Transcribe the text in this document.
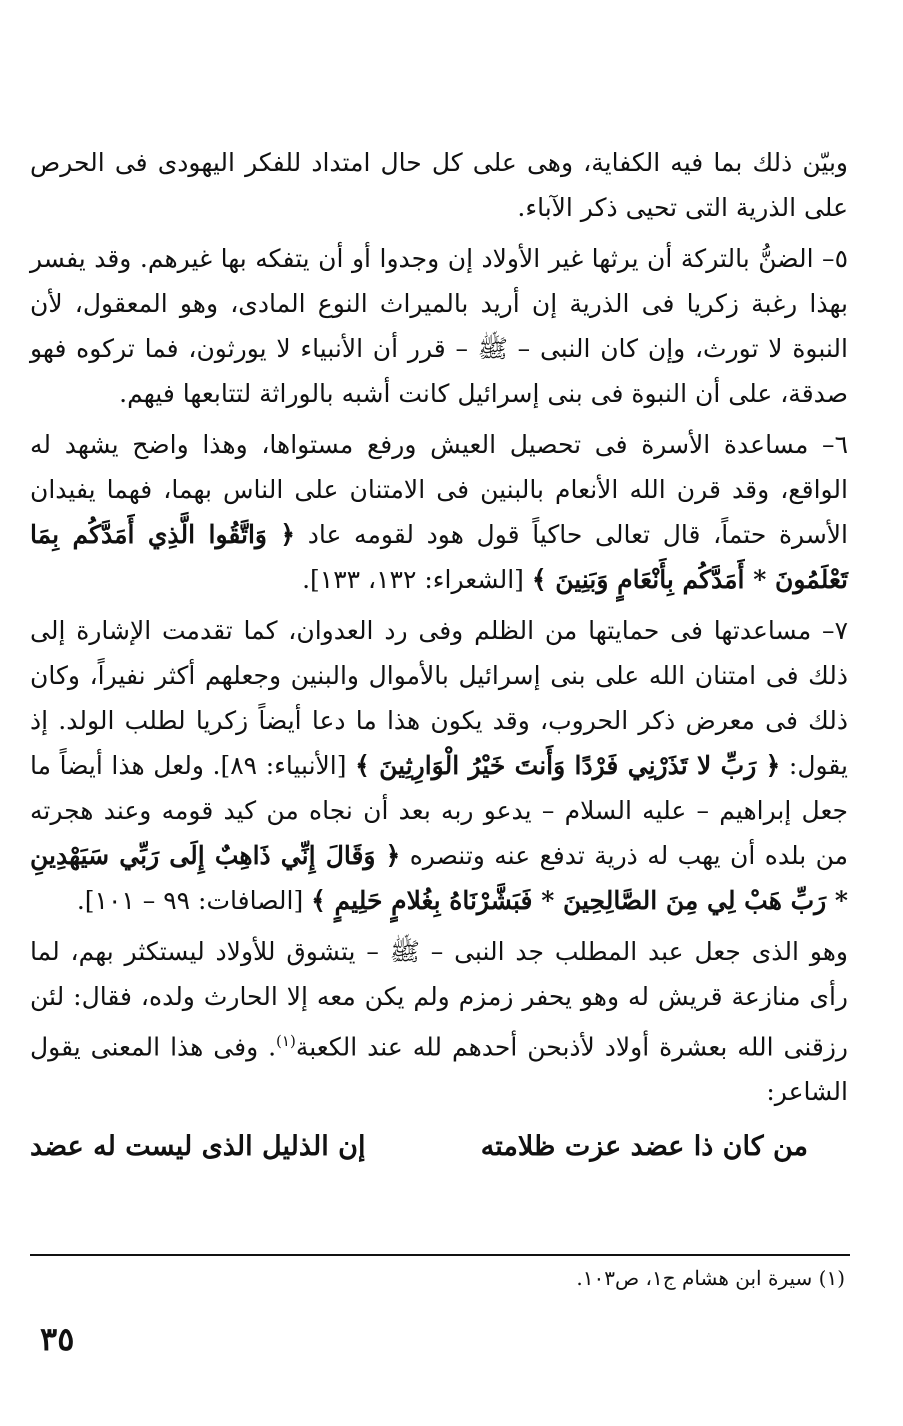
وبيّن ذلك بما فيه الكفاية، وهى على كل حال امتداد للفكر اليهودى فى الحرص على الذرية التى تحيى ذكر الآباء.

٥– الضنُّ بالتركة أن يرثها غير الأولاد إن وجدوا أو أن يتفكه بها غيرهم. وقد يفسر بهذا رغبة زكريا فى الذرية إن أريد بالميراث النوع المادى، وهو المعقول، لأن النبوة لا تورث، وإن كان النبى – ﷺ – قرر أن الأنبياء لا يورثون، فما تركوه فهو صدقة، على أن النبوة فى بنى إسرائيل كانت أشبه بالوراثة لتتابعها فيهم.

٦– مساعدة الأسرة فى تحصيل العيش ورفع مستواها، وهذا واضح يشهد له الواقع، وقد قرن الله الأنعام بالبنين فى الامتنان على الناس بهما، فهما يفيدان الأسرة حتماً، قال تعالى حاكياً قول هود لقومه عاد ﴿ وَاتَّقُوا الَّذِي أَمَدَّكُم بِمَا تَعْلَمُونَ * أَمَدَّكُم بِأَنْعَامٍ وَبَنِينَ ﴾ [الشعراء: ١٣٢، ١٣٣].

٧– مساعدتها فى حمايتها من الظلم وفى رد العدوان، كما تقدمت الإشارة إلى ذلك فى امتنان الله على بنى إسرائيل بالأموال والبنين وجعلهم أكثر نفيراً، وكان ذلك فى معرض ذكر الحروب، وقد يكون هذا ما دعا أيضاً زكريا لطلب الولد. إذ يقول: ﴿ رَبِّ لا تَذَرْنِي فَرْدًا وَأَنتَ خَيْرُ الْوَارِثِينَ ﴾ [الأنبياء: ٨٩]. ولعل هذا أيضاً ما جعل إبراهيم – عليه السلام – يدعو ربه بعد أن نجاه من كيد قومه وعند هجرته من بلده أن يهب له ذرية تدفع عنه وتنصره ﴿ وَقَالَ إِنِّي ذَاهِبٌ إِلَى رَبِّي سَيَهْدِينِ * رَبِّ هَبْ لِي مِنَ الصَّالِحِينَ * فَبَشَّرْنَاهُ بِغُلامٍ حَلِيمٍ ﴾ [الصافات: ٩٩ – ١٠١].

وهو الذى جعل عبد المطلب جد النبى – ﷺ – يتشوق للأولاد ليستكثر بهم، لما رأى منازعة قريش له وهو يحفر زمزم ولم يكن معه إلا الحارث ولده، فقال: لئن رزقنى الله بعشرة أولاد لأذبحن أحدهم لله عند الكعبة$^{(١)}$. وفى هذا المعنى يقول الشاعر:

من كان ذا عضد عزت ظلامته
إن الذليل الذى ليست له عضد
(١) سيرة ابن هشام ج١، ص١٠٣.
٣٥
